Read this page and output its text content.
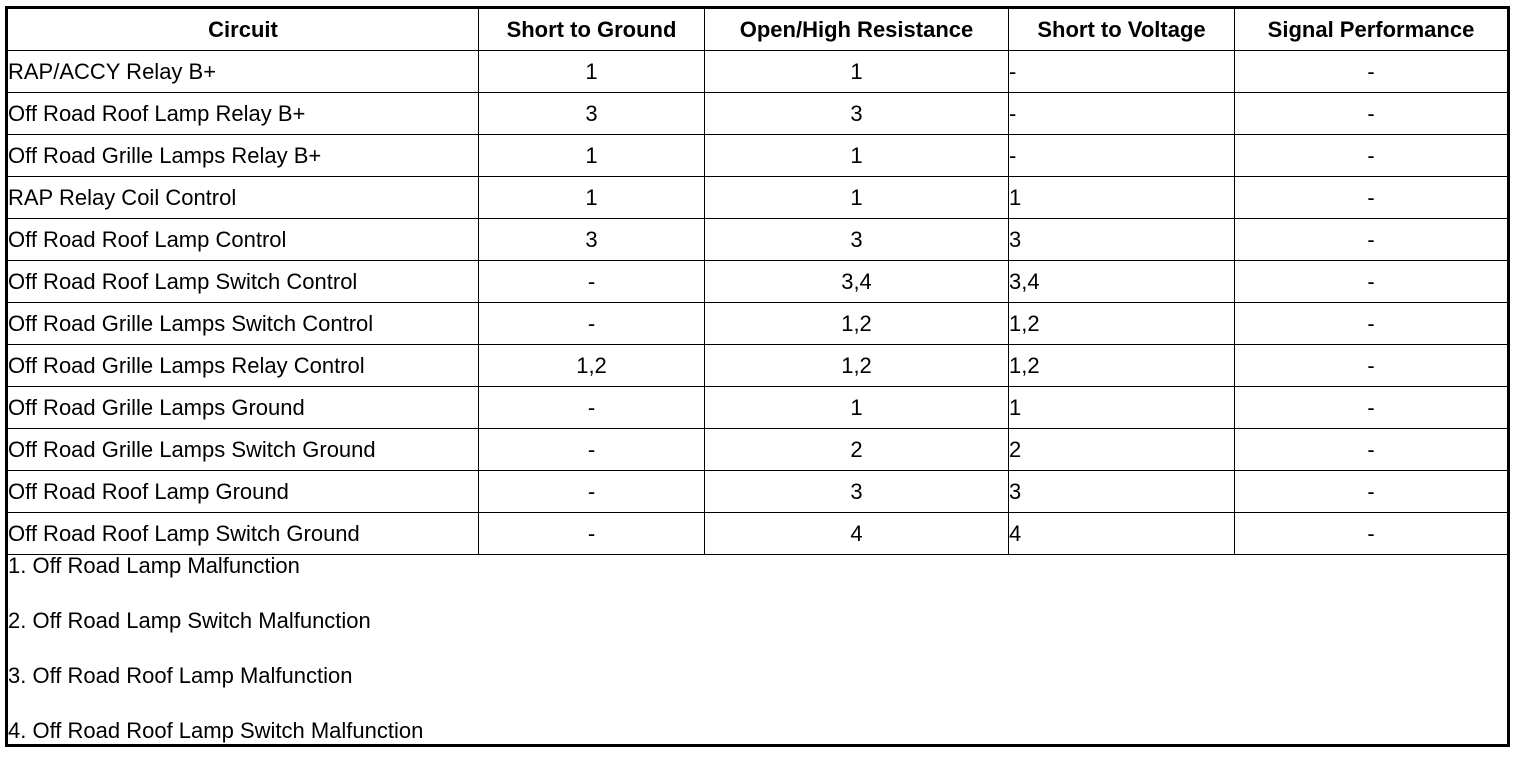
Circuit	Short to Ground	Open/High Resistance	Short to Voltage	Signal Performance
RAP/ACCY Relay B+	1	1	-	-
Off Road Roof Lamp Relay B+	3	3	-	-
Off Road Grille Lamps Relay B+	1	1	-	-
RAP Relay Coil Control	1	1	1	-
Off Road Roof Lamp Control	3	3	3	-
Off Road Roof Lamp Switch Control	-	3,4	3,4	-
Off Road Grille Lamps Switch Control	-	1,2	1,2	-
Off Road Grille Lamps Relay Control	1,2	1,2	1,2	-
Off Road Grille Lamps Ground	-	1	1	-
Off Road Grille Lamps Switch Ground	-	2	2	-
Off Road Roof Lamp Ground	-	3	3	-
Off Road Roof Lamp Switch Ground	-	4	4	-

1. Off Road Lamp Malfunction
2. Off Road Lamp Switch Malfunction
3. Off Road Roof Lamp Malfunction
4. Off Road Roof Lamp Switch Malfunction				
